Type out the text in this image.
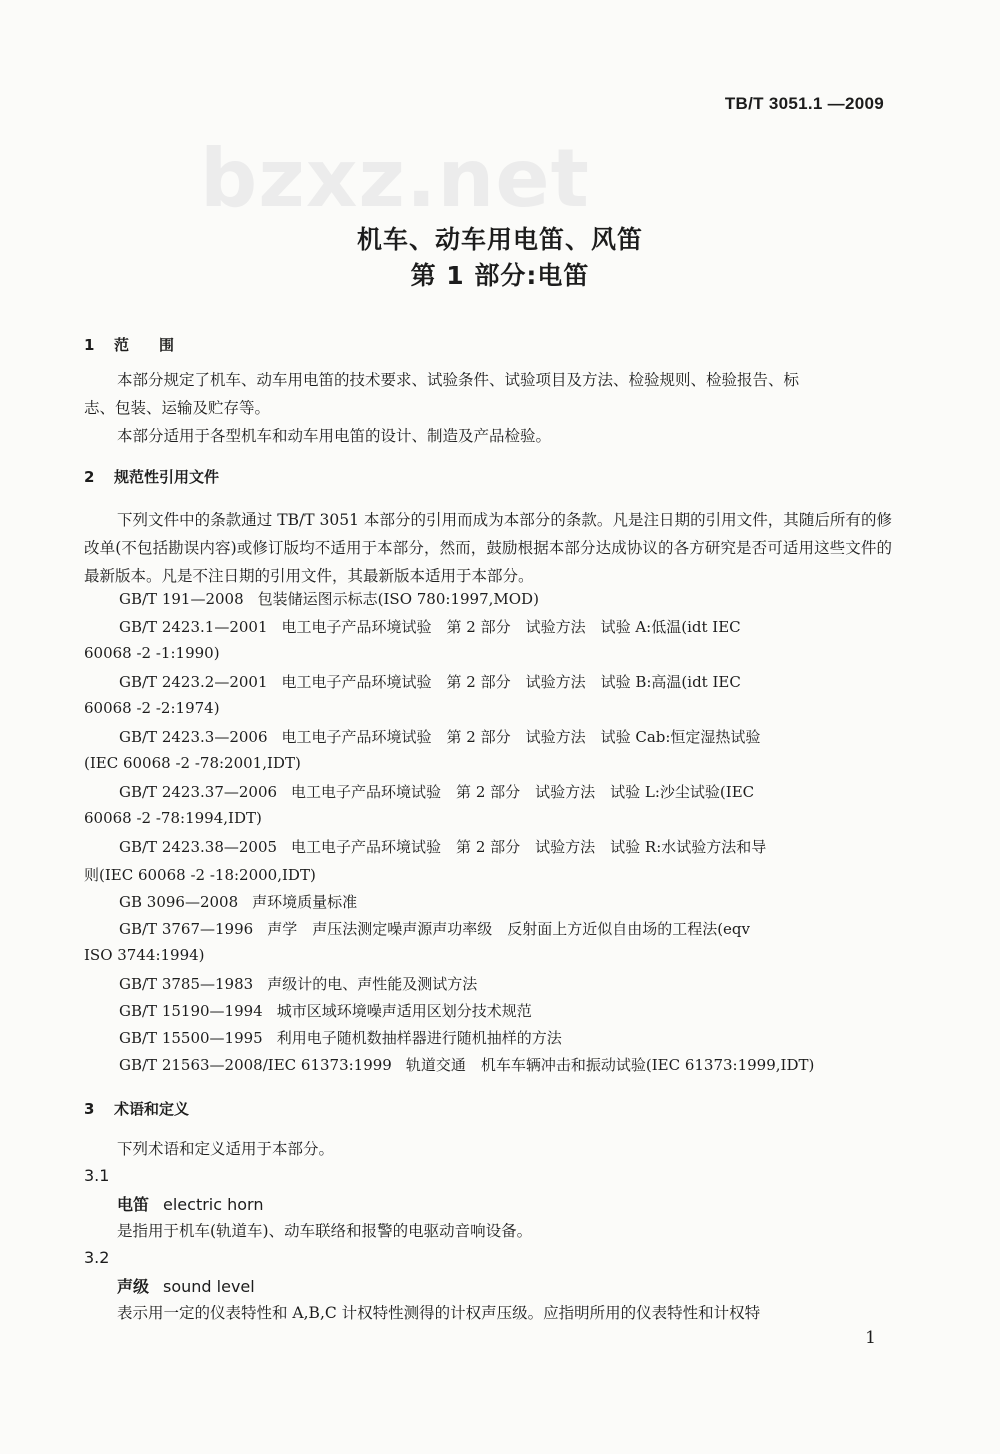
TB/T 3051.1 —2009
bzxz.net
机车、动车用电笛、风笛
第 1 部分:电笛
1 范　　围
本部分规定了机车、动车用电笛的技术要求、试验条件、试验项目及方法、检验规则、检验报告、标
志、包装、运输及贮存等。
本部分适用于各型机车和动车用电笛的设计、制造及产品检验。
2 规范性引用文件
下列文件中的条款通过 TB/T 3051 本部分的引用而成为本部分的条款。凡是注日期的引用文件，其随后所有的修改单(不包括勘误内容)或修订版均不适用于本部分，然而，鼓励根据本部分达成协议的各方研究是否可适用这些文件的最新版本。凡是不注日期的引用文件，其最新版本适用于本部分。
GB/T 191—2008 包装储运图示标志(ISO 780:1997,MOD)
GB/T 2423.1—2001 电工电子产品环境试验　第 2 部分　试验方法　试验 A:低温(idt IEC
60068 -2 -1:1990)
GB/T 2423.2—2001 电工电子产品环境试验　第 2 部分　试验方法　试验 B:高温(idt IEC
60068 -2 -2:1974)
GB/T 2423.3—2006 电工电子产品环境试验　第 2 部分　试验方法　试验 Cab:恒定湿热试验
(IEC 60068 -2 -78:2001,IDT)
GB/T 2423.37—2006 电工电子产品环境试验　第 2 部分　试验方法　试验 L:沙尘试验(IEC
60068 -2 -78:1994,IDT)
GB/T 2423.38—2005 电工电子产品环境试验　第 2 部分　试验方法　试验 R:水试验方法和导
则(IEC 60068 -2 -18:2000,IDT)
GB 3096—2008 声环境质量标准
GB/T 3767—1996 声学　声压法测定噪声源声功率级　反射面上方近似自由场的工程法(eqv
ISO 3744:1994)
GB/T 3785—1983 声级计的电、声性能及测试方法
GB/T 15190—1994 城市区域环境噪声适用区划分技术规范
GB/T 15500—1995 利用电子随机数抽样器进行随机抽样的方法
GB/T 21563—2008/IEC 61373:1999 轨道交通　机车车辆冲击和振动试验(IEC 61373:1999,IDT)
3 术语和定义
下列术语和定义适用于本部分。
3.1
电笛 electric horn
是指用于机车(轨道车)、动车联络和报警的电驱动音响设备。
3.2
声级 sound level
表示用一定的仪表特性和 A,B,C 计权特性测得的计权声压级。应指明所用的仪表特性和计权特
1
